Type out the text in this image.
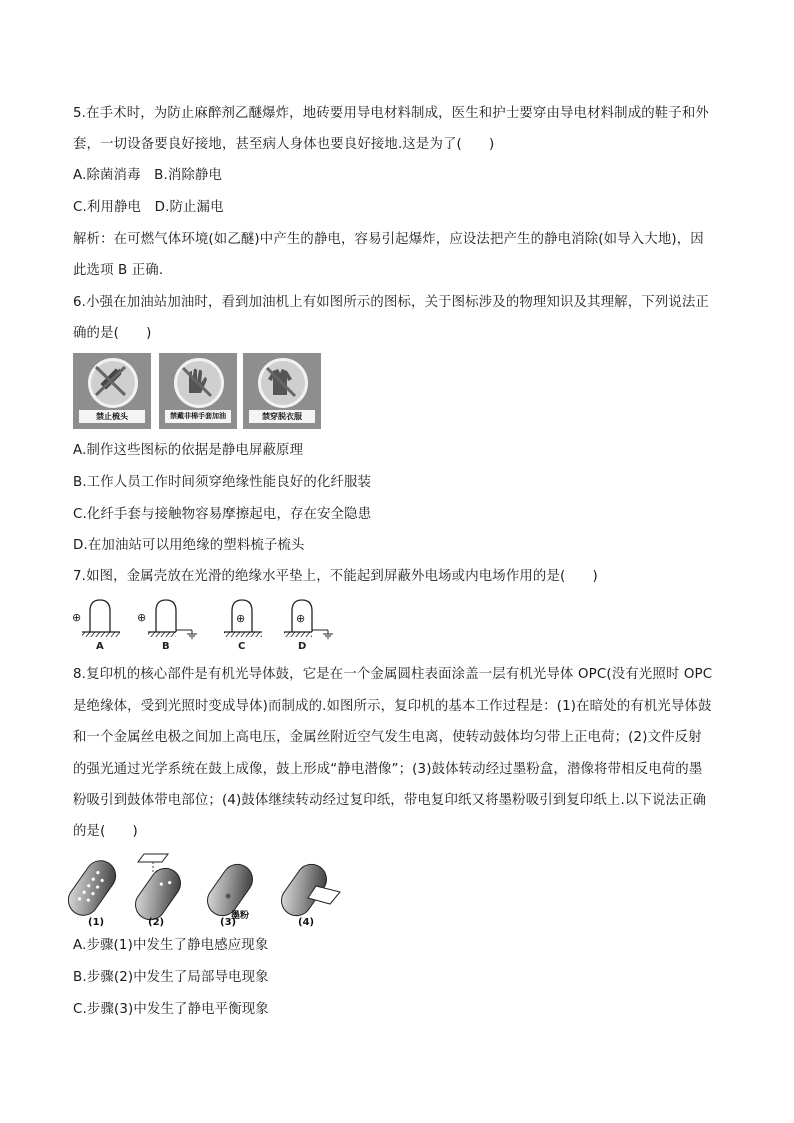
5.在手术时，为防止麻醉剂乙醚爆炸，地砖要用导电材料制成，医生和护士要穿由导电材料制成的鞋子和外
套，一切设备要良好接地，甚至病人身体也要良好接地.这是为了(　　)
A.除菌消毒　B.消除静电
C.利用静电　D.防止漏电
解析：在可燃气体环境(如乙醚)中产生的静电，容易引起爆炸，应设法把产生的静电消除(如导入大地)，因
此选项 B 正确.
6.小强在加油站加油时，看到加油机上有如图所示的图标，关于图标涉及的物理知识及其理解，下列说法正
确的是(　　)
禁止梳头	禁戴非棉手套加油	禁穿脱衣服
A.制作这些图标的依据是静电屏蔽原理
B.工作人员工作时间须穿绝缘性能良好的化纤服装
C.化纤手套与接触物容易摩擦起电，存在安全隐患
D.在加油站可以用绝缘的塑料梳子梳头
7.如图，金属壳放在光滑的绝缘水平垫上，不能起到屏蔽外电场或内电场作用的是(　　)
⊕
A
⊕
B
⊕
C
⊕
D
8.复印机的核心部件是有机光导体鼓，它是在一个金属圆柱表面涂盖一层有机光导体 OPC(没有光照时 OPC
是绝缘体，受到光照时变成导体)而制成的.如图所示，复印机的基本工作过程是：(1)在暗处的有机光导体鼓
和一个金属丝电极之间加上高电压，金属丝附近空气发生电离，使转动鼓体均匀带上正电荷；(2)文件反射
的强光通过光学系统在鼓上成像，鼓上形成“静电潜像”；(3)鼓体转动经过墨粉盒，潜像将带相反电荷的墨
粉吸引到鼓体带电部位；(4)鼓体继续转动经过复印纸，带电复印纸又将墨粉吸引到复印纸上.以下说法正确
的是(　　)
(1)	(2)
墨粉
(3)	(4)
A.步骤(1)中发生了静电感应现象
B.步骤(2)中发生了局部导电现象
C.步骤(3)中发生了静电平衡现象
